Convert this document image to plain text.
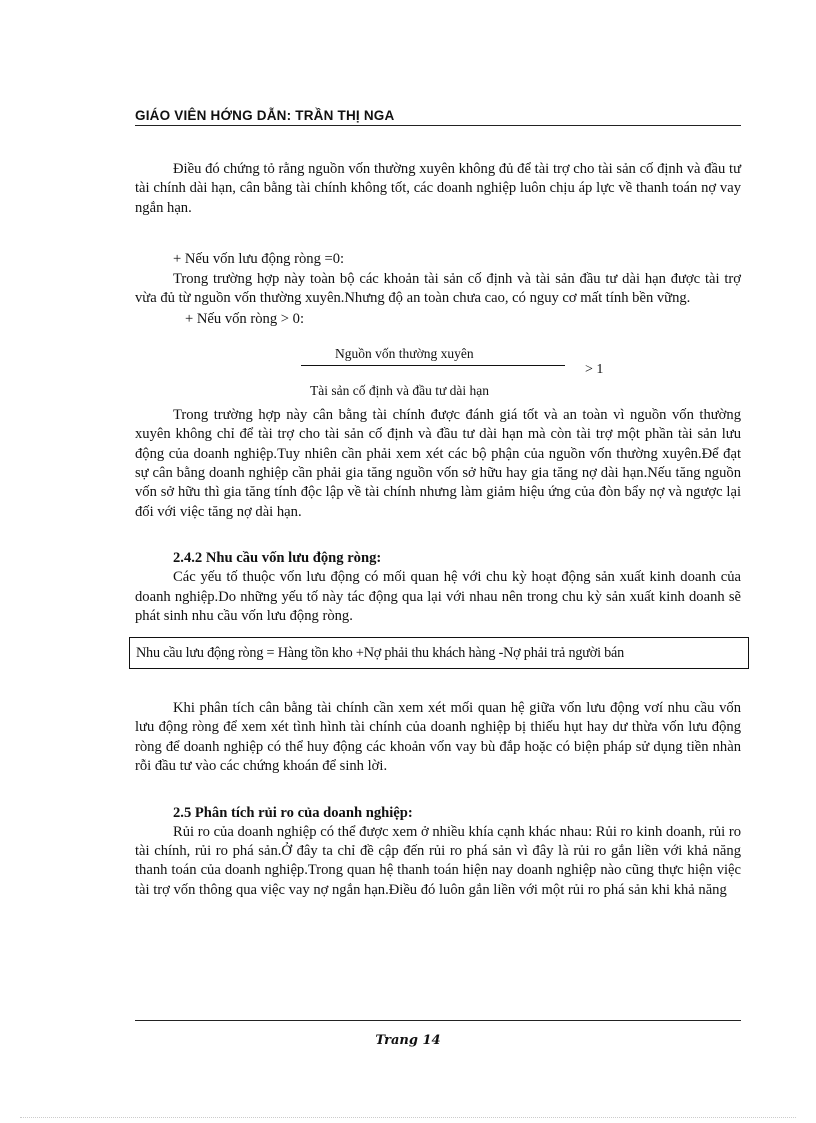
GIÁO VIÊN HỚNG DẪN: TRẦN THỊ NGA

Điều đó chứng tỏ rằng nguồn vốn thường xuyên không đủ để tài trợ cho tài sản cố định và đầu tư tài chính dài hạn, cân bằng tài chính không tốt, các doanh nghiệp luôn chịu áp lực về thanh toán nợ vay ngắn hạn.

+ Nếu vốn lưu động ròng =0:

Trong trường hợp này toàn bộ các khoản tài sản cố định và tài sản đầu tư dài hạn được tài trợ vừa đủ từ nguồn vốn thường xuyên.Nhưng độ an toàn chưa cao, có nguy cơ mất tính bền vững.

+ Nếu vốn ròng > 0:

Nguồn vốn thường xuyên
Tài sản cố định và đầu tư dài hạn
> 1

Trong trường hợp này cân bằng tài chính được đánh giá tốt và an toàn vì nguồn vốn thường xuyên không chỉ để tài trợ cho tài sản cố định và đầu tư dài hạn mà còn tài trợ một phần tài sản lưu động của doanh nghiệp.Tuy nhiên cần phải xem xét các bộ phận của nguồn vốn thường xuyên.Để đạt sự cân bằng doanh nghiệp cần phải gia tăng nguồn vốn sở hữu hay gia tăng nợ dài hạn.Nếu tăng nguồn vốn sở hữu thì gia tăng tính độc lập về tài chính nhưng làm giảm hiệu ứng của đòn bẩy nợ và ngược lại đối với việc tăng nợ dài hạn.

2.4.2 Nhu cầu vốn lưu động ròng:

Các yếu tố thuộc vốn lưu động có mối quan hệ với chu kỳ hoạt động sản xuất kinh doanh của doanh nghiệp.Do những yếu tố này tác động qua lại với nhau nên trong chu kỳ sản xuất kinh doanh sẽ phát sinh nhu cầu vốn lưu động ròng.

Nhu cầu lưu động ròng = Hàng tồn kho +Nợ phải thu khách hàng -Nợ phải trả người bán

Khi phân tích cân bằng tài chính cần xem xét mối quan hệ giữa vốn lưu động vơí nhu cầu vốn lưu động ròng để xem xét tình hình tài chính của doanh nghiệp bị thiếu hụt hay dư thừa vốn lưu động ròng để doanh nghiệp có thể huy động các khoản vốn vay bù đắp hoặc có biện pháp sử dụng tiền nhàn rỗi đầu tư vào các chứng khoán để sinh lời.

2.5 Phân tích rủi ro của doanh nghiệp:

Rủi ro của doanh nghiệp có thể được xem ở nhiều khía cạnh khác nhau: Rủi ro kinh doanh, rủi ro tài chính, rủi ro phá sản.Ở đây ta chỉ đề cập đến rủi ro phá sản vì đây là rủi ro gắn liền với khả năng thanh toán của doanh nghiệp.Trong quan hệ thanh toán hiện nay doanh nghiệp nào cũng thực hiện việc tài trợ vốn thông qua việc vay nợ ngắn hạn.Điều đó luôn gắn liền với một rủi ro phá sản khi khả năng

Trang 14
